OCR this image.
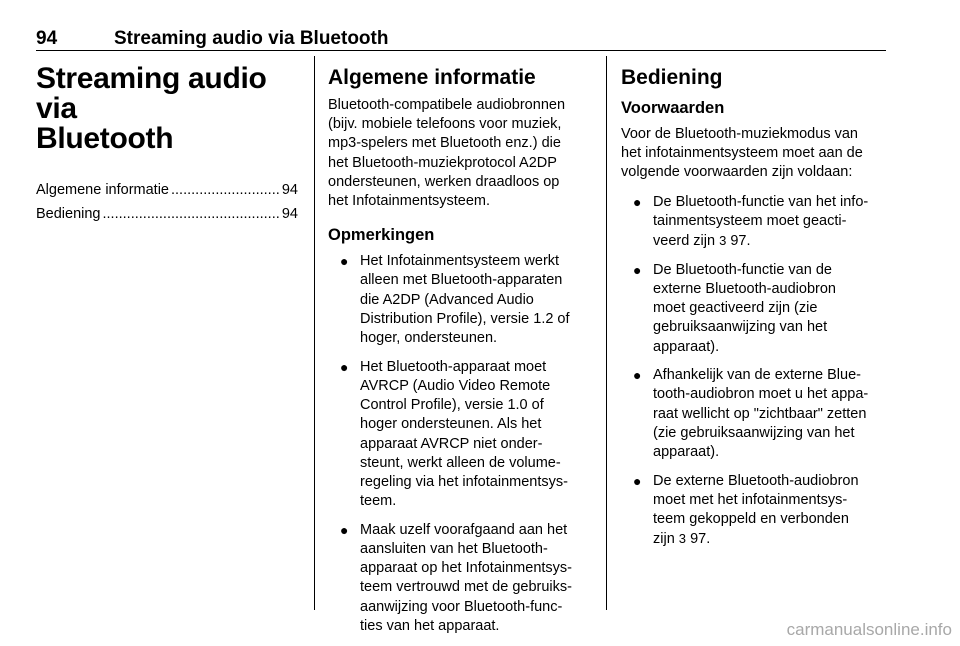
94	Streaming audio via Bluetooth
Streaming audio via
Bluetooth
Algemene informatie .....	94
Bediening .....	94
Algemene informatie

Bluetooth-compatibele audiobronnen
(bijv. mobiele telefoons voor muziek,
mp3-spelers met Bluetooth enz.) die
het Bluetooth-muziekprotocol A2DP
ondersteunen, werken draadloos op
het Infotainmentsysteem.

Opmerkingen
● Het Infotainmentsysteem werkt
alleen met Bluetooth-apparaten
die A2DP (Advanced Audio
Distribution Profile), versie 1.2 of
hoger, ondersteunen.
● Het Bluetooth-apparaat moet
AVRCP (Audio Video Remote
Control Profile), versie 1.0 of
hoger ondersteunen. Als het
apparaat AVRCP niet onder-
steunt, werkt alleen de volume-
regeling via het infotainmentsys-
teem.
● Maak uzelf voorafgaand aan het
aansluiten van het Bluetooth-
apparaat op het Infotainmentsys-
teem vertrouwd met de gebruiks-
aanwijzing voor Bluetooth-func-
ties van het apparaat.
Bediening
Voorwaarden

Voor de Bluetooth-muziekmodus van
het infotainmentsysteem moet aan de
volgende voorwaarden zijn voldaan:

● De Bluetooth-functie van het info-
tainmentsysteem moet geacti-
veerd zijn 3 97.
● De Bluetooth-functie van de
externe Bluetooth-audiobron
moet geactiveerd zijn (zie
gebruiksaanwijzing van het
apparaat).
● Afhankelijk van de externe Blue-
tooth-audiobron moet u het appa-
raat wellicht op "zichtbaar" zetten
(zie gebruiksaanwijzing van het
apparaat).
● De externe Bluetooth-audiobron
moet met het infotainmentsys-
teem gekoppeld en verbonden
zijn 3 97.
carmanualsonline.info
